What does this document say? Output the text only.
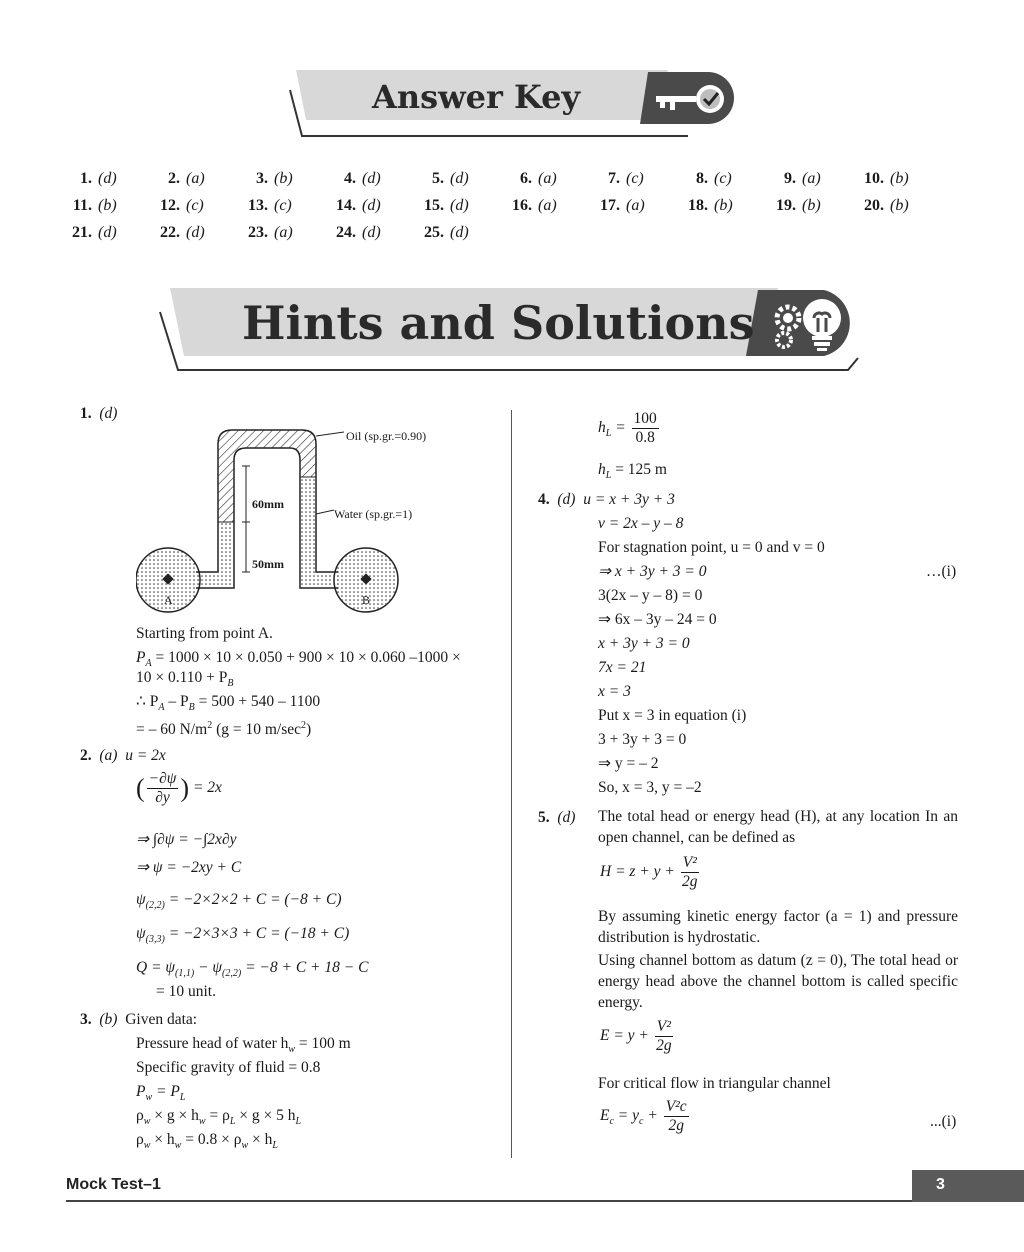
Answer Key
1. (d)	2. (a)	3. (b)	4. (d)	5. (d)	6. (a)	7. (c)	8. (c)	9. (a)	10. (b)
11. (b)	12. (c)	13. (c)	14. (d)	15. (d)	16. (a)	17. (a)	18. (b)	19. (b)	20. (b)
21. (d)	22. (d)	23. (a)	24. (d)	25. (d)
Hints and Solutions
1. (d)
Oil (sp.gr.=0.90)
Water (sp.gr.=1)
60mm
50mm
A	B
Starting from point A.
$P_A = 1000 \times 10 \times 0.050 + 900 \times 10 \times 0.060$ –1000 ×
$10 \times 0.110 + P_B$
∴ $P_A - P_B = 500 + 540 - 1100$
= – 60 $N/m^2$ (g = 10 $m/\sec^2$)
2. (a) u = 2x
( $\frac{-\partial\psi}{\partial y}$ ) = 2x
⇒ ∫∂ψ = −∫2x∂y
⇒ ψ = −2xy + C
$\psi_{(2,2)} = -2\times 2\times 2 + C = (-8 + C)$
$\psi_{(3,3)} = -2\times 3\times 3 + C = (-18 + C)$
$Q = \psi_{(1,1)} - \psi_{(2,2)} = -8 + C + 18 - C$
= 10 unit.
3. (b) Given data:
Pressure head of water $h_w = 100$ m
Specific gravity of fluid = 0.8
$P_w = P_L$
$\rho_w \times g \times h_w = \rho_L \times g \times 5$ $h_L$
$\rho_w \times h_w = 0.8 \times \rho_w \times h_L$
$h_L = \frac{100}{0.8}$
$h_L = 125$ m
4. (d) u = x + 3y + 3
v = 2x – y – 8
For stagnation point, u = 0 and v = 0
⇒ x + 3y + 3 = 0	…(i)
3(2x – y – 8) = 0
⇒ 6x – 3y – 24 = 0
x + 3y + 3 = 0
7x = 21
x = 3
Put x = 3 in equation (i)
3 + 3y + 3 = 0
⇒ y = – 2
So, x = 3, y = –2
5. (d) The total head or energy head (H), at any location In an open channel, can be defined as
$H = z + y + \frac{\text{V²}}{2g}$
By assuming kinetic energy factor (a = 1) and pressure distribution is hydrostatic.
Using channel bottom as datum (z = 0), The total head or energy head above the channel bottom is called specific energy.
$E = y + \frac{\text{V²}}{2g}$
For critical flow in triangular channel
$E_c = y_c + \frac{\text{V²c}}{2g}$	...(i)
Mock Test–1	3
